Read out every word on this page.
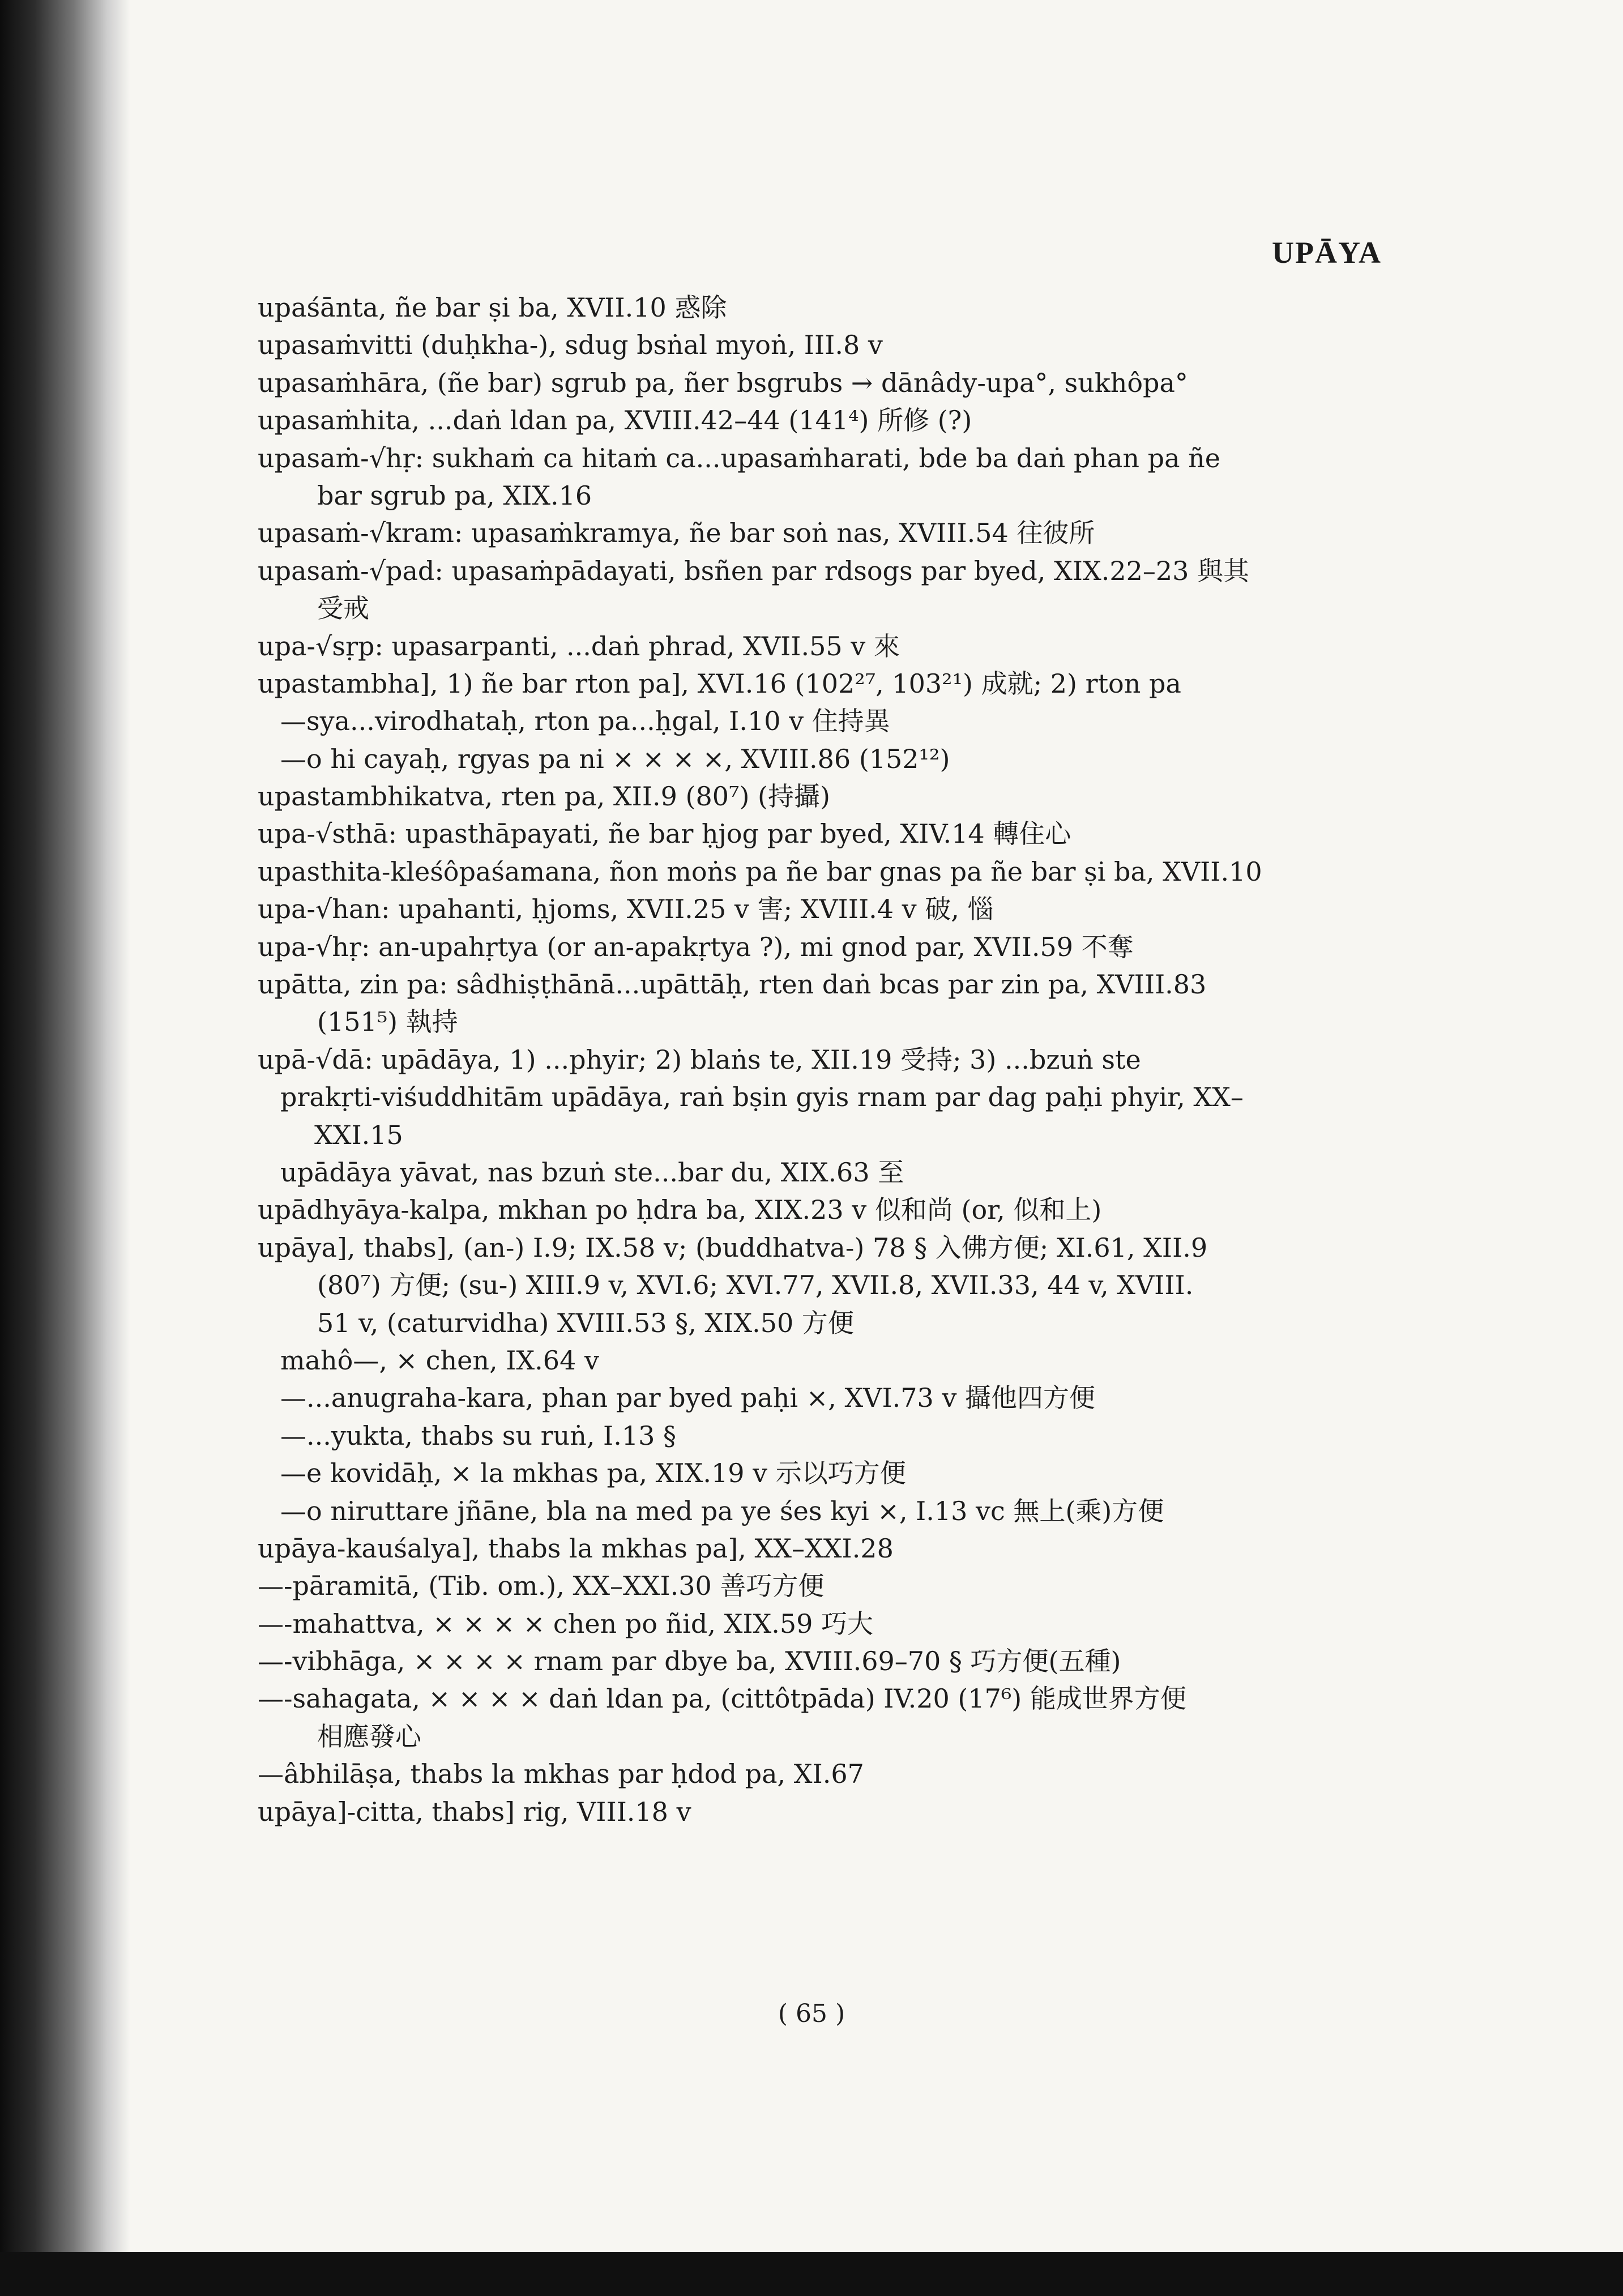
UPĀYA
upaśānta, ñe bar ṣi ba, XVII.10 惑除
upasaṁvitti (duḥkha-), sdug bsṅal myoṅ, III.8 v
upasaṁhāra, (ñe bar) sgrub pa, ñer bsgrubs → dānâdy-upa°, sukhôpa°
upasaṁhita, ...daṅ ldan pa, XVIII.42–44 (141⁴) 所修 (?)
upasaṁ-√hṛ: sukhaṁ ca hitaṁ ca...upasaṁharati, bde ba daṅ phan pa ñe
bar sgrub pa, XIX.16
upasaṁ-√kram: upasaṁkramya, ñe bar soṅ nas, XVIII.54 往彼所
upasaṁ-√pad: upasaṁpādayati, bsñen par rdsogs par byed, XIX.22–23 與其
受戒
upa-√sṛp: upasarpanti, ...daṅ phrad, XVII.55 v 來
upastambha], 1) ñe bar rton pa], XVI.16 (102²⁷, 103²¹) 成就; 2) rton pa
—sya...virodhataḥ, rton pa...ḥgal, I.10 v 住持異
—o hi cayaḥ, rgyas pa ni × × × ×, XVIII.86 (152¹²)
upastambhikatva, rten pa, XII.9 (80⁷) (持攝)
upa-√sthā: upasthāpayati, ñe bar ḥjog par byed, XIV.14 轉住心
upasthita-kleśôpaśamana, ñon moṅs pa ñe bar gnas pa ñe bar ṣi ba, XVII.10
upa-√han: upahanti, ḥjoms, XVII.25 v 害; XVIII.4 v 破, 惱
upa-√hṛ: an-upahṛtya (or an-apakṛtya ?), mi gnod par, XVII.59 不奪
upātta, zin pa: sâdhiṣṭhānā...upāttāḥ, rten daṅ bcas par zin pa, XVIII.83
(151⁵) 執持
upā-√dā: upādāya, 1) ...phyir; 2) blaṅs te, XII.19 受持; 3) ...bzuṅ ste
prakṛti-viśuddhitām upādāya, raṅ bṣin gyis rnam par dag paḥi phyir, XX–
XXI.15
upādāya yāvat, nas bzuṅ ste...bar du, XIX.63 至
upādhyāya-kalpa, mkhan po ḥdra ba, XIX.23 v 似和尚 (or, 似和上)
upāya], thabs], (an-) I.9; IX.58 v; (buddhatva-) 78 § 入佛方便; XI.61, XII.9
(80⁷) 方便; (su-) XIII.9 v, XVI.6; XVI.77, XVII.8, XVII.33, 44 v, XVIII.
51 v, (caturvidha) XVIII.53 §, XIX.50 方便
mahô—, × chen, IX.64 v
—...anugraha-kara, phan par byed paḥi ×, XVI.73 v 攝他四方便
—...yukta, thabs su ruṅ, I.13 §
—e kovidāḥ, × la mkhas pa, XIX.19 v 示以巧方便
—o niruttare jñāne, bla na med pa ye śes kyi ×, I.13 vc 無上(乘)方便
upāya-kauśalya], thabs la mkhas pa], XX–XXI.28
—-pāramitā, (Tib. om.), XX–XXI.30 善巧方便
—-mahattva, × × × × chen po ñid, XIX.59 巧大
—-vibhāga, × × × × rnam par dbye ba, XVIII.69–70 § 巧方便(五種)
—-sahagata, × × × × daṅ ldan pa, (cittôtpāda) IV.20 (17⁶) 能成世界方便
相應發心
—âbhilāṣa, thabs la mkhas par ḥdod pa, XI.67
upāya]-citta, thabs] rig, VIII.18 v
( 65 )
